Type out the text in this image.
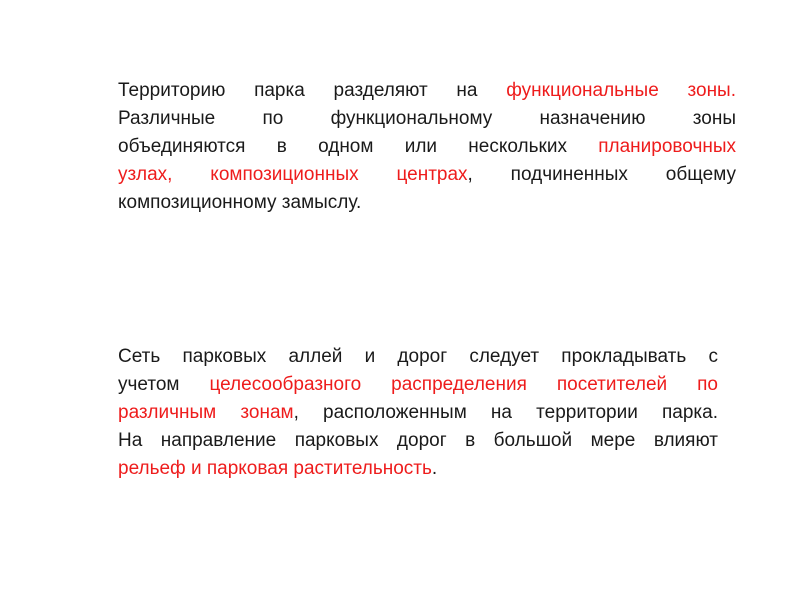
Территорию парка разделяют на функциональные зоны.
Различные по функциональному назначению зоны
объединяются в одном или нескольких планировочных
узлах, композиционных центрах, подчиненных общему
композиционному замыслу.
Сеть парковых аллей и дорог следует прокладывать с
учетом целесообразного распределения посетителей по
различным зонам, расположенным на территории парка.
На направление парковых дорог в большой мере влияют
рельеф и парковая растительность.
